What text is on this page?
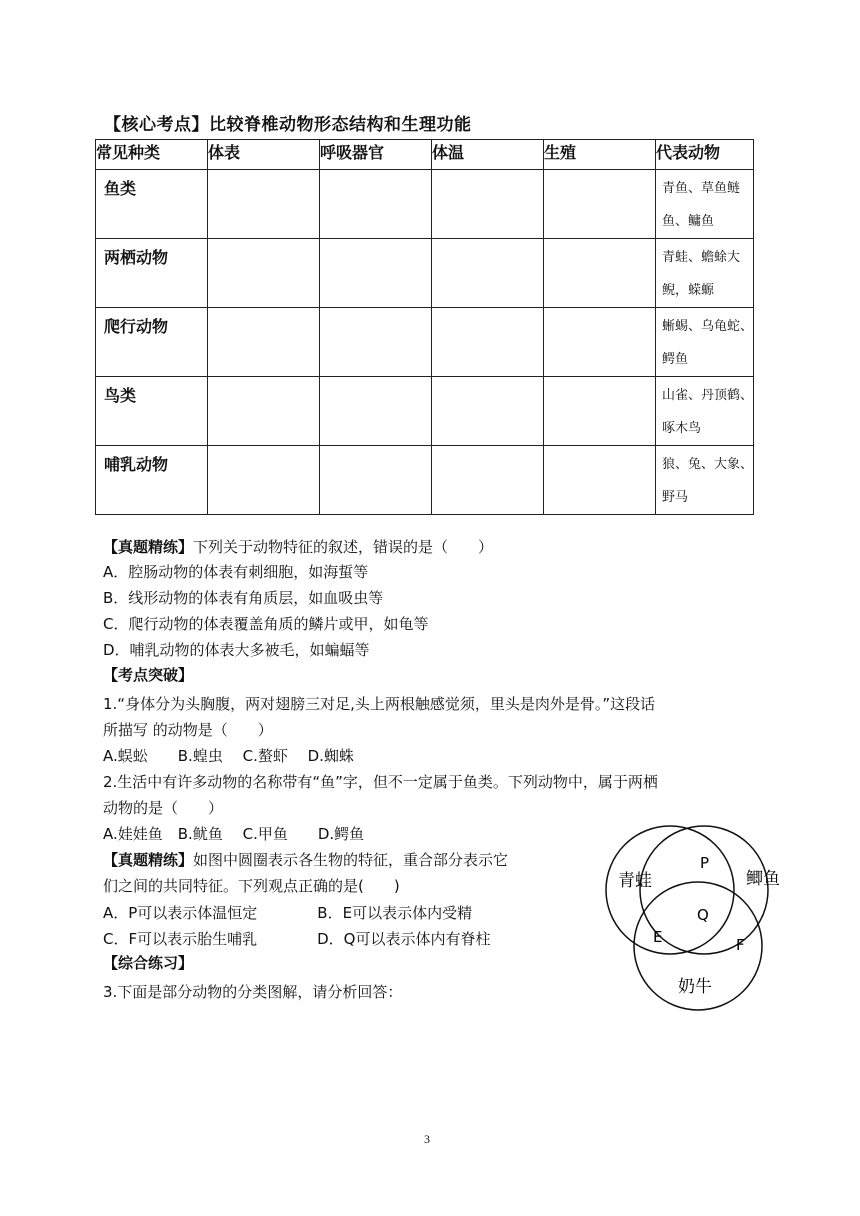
【核心考点】比较脊椎动物形态结构和生理功能
常见种类	体表	呼吸器官	体温	生殖	代表动物
鱼类					青鱼、草鱼鲢鱼、鳙鱼
两栖动物					青蛙、蟾蜍大鲵，蝾螈
爬行动物					蜥蜴、乌龟蛇、鳄鱼
鸟类					山雀、丹顶鹤、啄木鸟
哺乳动物					狼、兔、大象、野马
【真题精练】下列关于动物特征的叙述，错误的是（　　）
A．腔肠动物的体表有刺细胞，如海蜇等
B．线形动物的体表有角质层，如血吸虫等
C．爬行动物的体表覆盖角质的鳞片或甲，如龟等
D．哺乳动物的体表大多被毛，如蝙蝠等
【考点突破】
1.“身体分为头胸腹，两对翅膀三对足,头上两根触感觉须，里头是肉外是骨。”这段话
所描写 的动物是（　　）
A.蜈蚣　　B.蝗虫　 C.螯虾　 D.蜘蛛
2.生活中有许多动物的名称带有“鱼”字，但不一定属于鱼类。下列动物中，属于两栖
动物的是（　　）
A.娃娃鱼　B.鱿鱼　 C.甲鱼　　D.鳄鱼
【真题精练】如图中圆圈表示各生物的特征，重合部分表示它
们之间的共同特征。下列观点正确的是(　　)
A．P可以表示体温恒定　　　　B．E可以表示体内受精
C．F可以表示胎生哺乳　　　　D．Q可以表示体内有脊柱
【综合练习】
3.下面是部分动物的分类图解，请分析回答：
青蛙	鲫鱼
奶牛
P
Q
E	F
3
